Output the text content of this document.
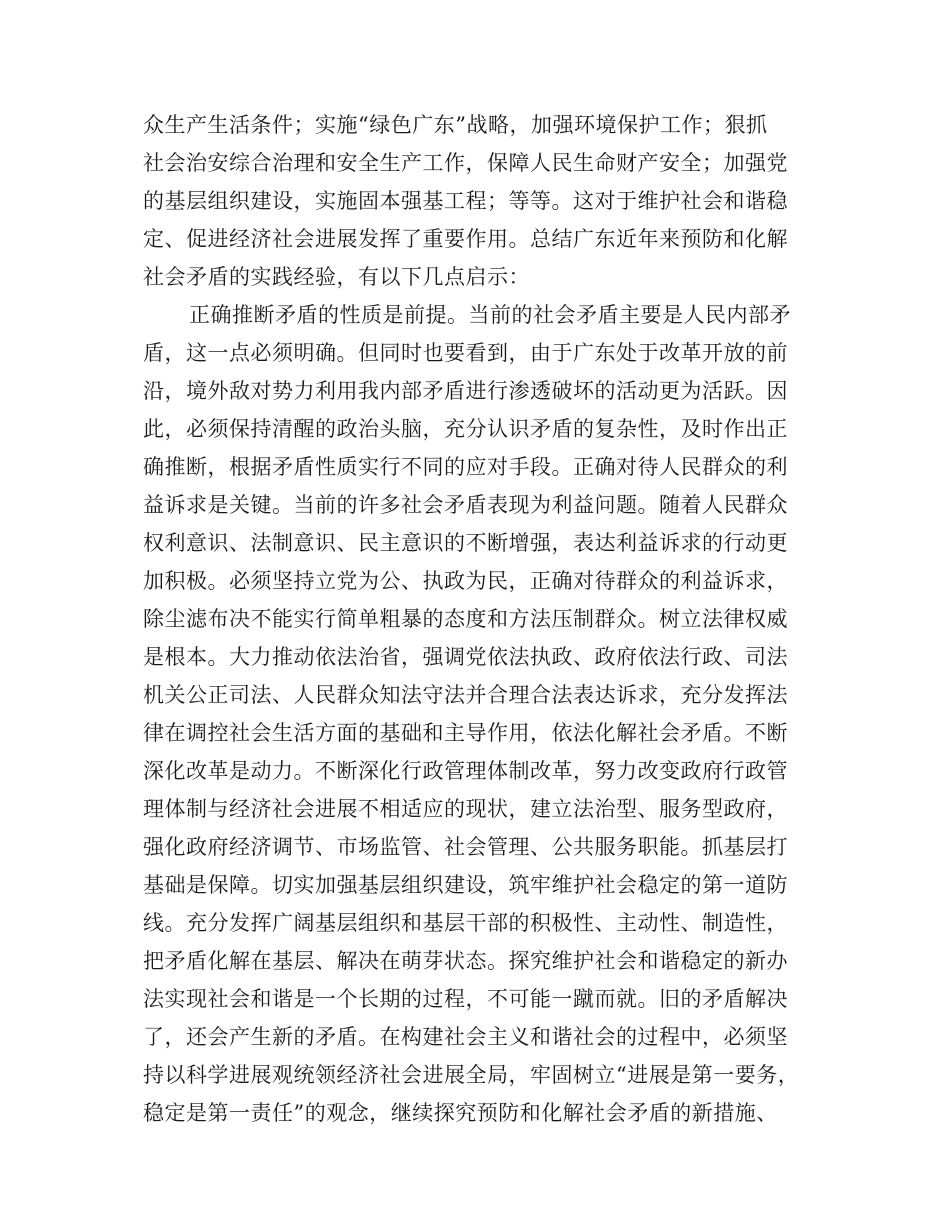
众生产生活条件；实施“绿色广东”战略，加强环境保护工作；狠抓
社会治安综合治理和安全生产工作，保障人民生命财产安全；加强党
的基层组织建设，实施固本强基工程；等等。这对于维护社会和谐稳
定、促进经济社会进展发挥了重要作用。总结广东近年来预防和化解
社会矛盾的实践经验，有以下几点启示：
正确推断矛盾的性质是前提。当前的社会矛盾主要是人民内部矛
盾，这一点必须明确。但同时也要看到，由于广东处于改革开放的前
沿，境外敌对势力利用我内部矛盾进行渗透破坏的活动更为活跃。因
此，必须保持清醒的政治头脑，充分认识矛盾的复杂性，及时作出正
确推断，根据矛盾性质实行不同的应对手段。正确对待人民群众的利
益诉求是关键。当前的许多社会矛盾表现为利益问题。随着人民群众
权利意识、法制意识、民主意识的不断增强，表达利益诉求的行动更
加积极。必须坚持立党为公、执政为民，正确对待群众的利益诉求，
除尘滤布决不能实行简单粗暴的态度和方法压制群众。树立法律权威
是根本。大力推动依法治省，强调党依法执政、政府依法行政、司法
机关公正司法、人民群众知法守法并合理合法表达诉求，充分发挥法
律在调控社会生活方面的基础和主导作用，依法化解社会矛盾。不断
深化改革是动力。不断深化行政管理体制改革，努力改变政府行政管
理体制与经济社会进展不相适应的现状，建立法治型、服务型政府，
强化政府经济调节、市场监管、社会管理、公共服务职能。抓基层打
基础是保障。切实加强基层组织建设，筑牢维护社会稳定的第一道防
线。充分发挥广阔基层组织和基层干部的积极性、主动性、制造性，
把矛盾化解在基层、解决在萌芽状态。探究维护社会和谐稳定的新办
法实现社会和谐是一个长期的过程，不可能一蹴而就。旧的矛盾解决
了，还会产生新的矛盾。在构建社会主义和谐社会的过程中，必须坚
持以科学进展观统领经济社会进展全局，牢固树立“进展是第一要务，
稳定是第一责任”的观念，继续探究预防和化解社会矛盾的新措施、
